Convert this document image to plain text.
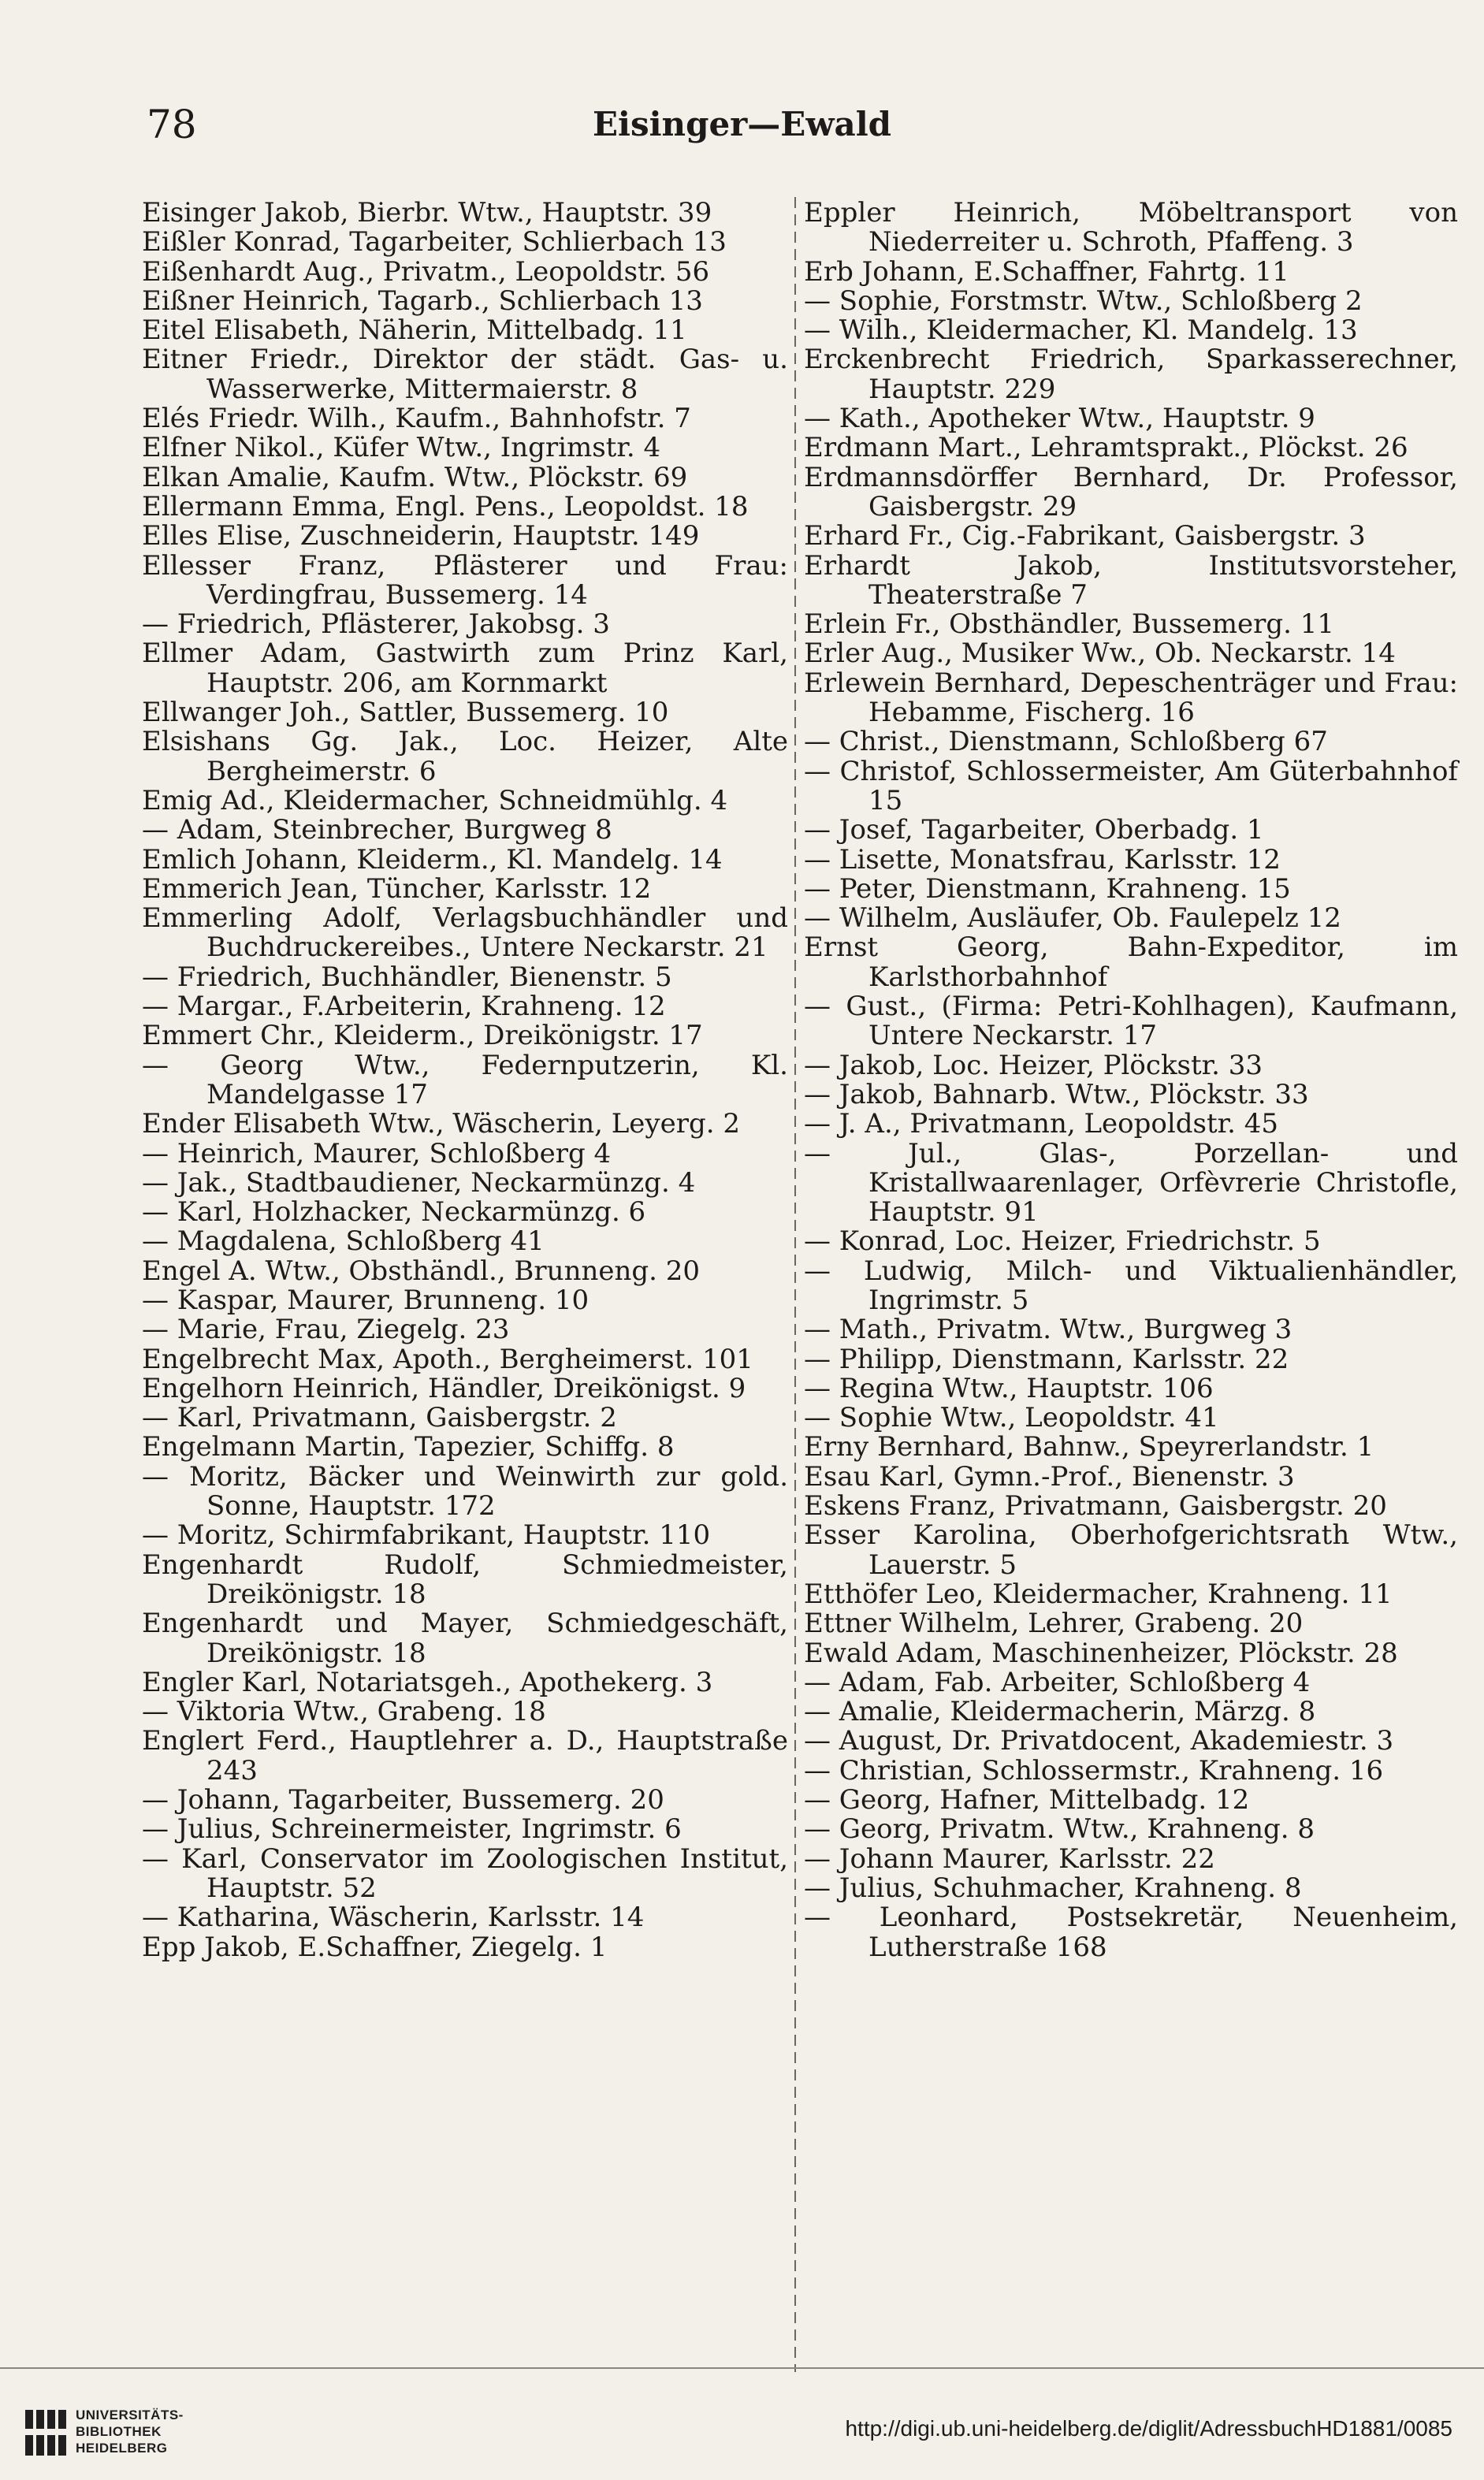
78	Eisinger—Ewald
Eisinger Jakob, Bierbr. Wtw., Hauptstr. 39
Eißler Konrad, Tagarbeiter, Schlierbach 13
Eißenhardt Aug., Privatm., Leopoldstr. 56
Eißner Heinrich, Tagarb., Schlierbach 13
Eitel Elisabeth, Näherin, Mittelbadg. 11
Eitner Friedr., Direktor der städt. Gas- u. Wasserwerke, Mittermaierstr. 8
Elés Friedr. Wilh., Kaufm., Bahnhofstr. 7
Elfner Nikol., Küfer Wtw., Ingrimstr. 4
Elkan Amalie, Kaufm. Wtw., Plöckstr. 69
Ellermann Emma, Engl. Pens., Leopoldst. 18
Elles Elise, Zuschneiderin, Hauptstr. 149
Ellesser Franz, Pflästerer und Frau: Verdingfrau, Bussemerg. 14
— Friedrich, Pflästerer, Jakobsg. 3
Ellmer Adam, Gastwirth zum Prinz Karl, Hauptstr. 206, am Kornmarkt
Ellwanger Joh., Sattler, Bussemerg. 10
Elsishans Gg. Jak., Loc. Heizer, Alte Bergheimerstr. 6
Emig Ad., Kleidermacher, Schneidmühlg. 4
— Adam, Steinbrecher, Burgweg 8
Emlich Johann, Kleiderm., Kl. Mandelg. 14
Emmerich Jean, Tüncher, Karlsstr. 12
Emmerling Adolf, Verlagsbuchhändler und Buchdruckereibes., Untere Neckarstr. 21
— Friedrich, Buchhändler, Bienenstr. 5
— Margar., F.Arbeiterin, Krahneng. 12
Emmert Chr., Kleiderm., Dreikönigstr. 17
— Georg Wtw., Federnputzerin, Kl. Mandelgasse 17
Ender Elisabeth Wtw., Wäscherin, Leyerg. 2
— Heinrich, Maurer, Schloßberg 4
— Jak., Stadtbaudiener, Neckarmünzg. 4
— Karl, Holzhacker, Neckarmünzg. 6
— Magdalena, Schloßberg 41
Engel A. Wtw., Obsthändl., Brunneng. 20
— Kaspar, Maurer, Brunneng. 10
— Marie, Frau, Ziegelg. 23
Engelbrecht Max, Apoth., Bergheimerst. 101
Engelhorn Heinrich, Händler, Dreikönigst. 9
— Karl, Privatmann, Gaisbergstr. 2
Engelmann Martin, Tapezier, Schiffg. 8
— Moritz, Bäcker und Weinwirth zur gold. Sonne, Hauptstr. 172
— Moritz, Schirmfabrikant, Hauptstr. 110
Engenhardt Rudolf, Schmiedmeister, Dreikönigstr. 18
Engenhardt und Mayer, Schmiedgeschäft, Dreikönigstr. 18
Engler Karl, Notariatsgeh., Apothekerg. 3
— Viktoria Wtw., Grabeng. 18
Englert Ferd., Hauptlehrer a. D., Hauptstraße 243
— Johann, Tagarbeiter, Bussemerg. 20
— Julius, Schreinermeister, Ingrimstr. 6
— Karl, Conservator im Zoologischen Institut, Hauptstr. 52
— Katharina, Wäscherin, Karlsstr. 14
Epp Jakob, E.Schaffner, Ziegelg. 1
Eppler Heinrich, Möbeltransport von Niederreiter u. Schroth, Pfaffeng. 3
Erb Johann, E.Schaffner, Fahrtg. 11
— Sophie, Forstmstr. Wtw., Schloßberg 2
— Wilh., Kleidermacher, Kl. Mandelg. 13
Erckenbrecht Friedrich, Sparkasserechner, Hauptstr. 229
— Kath., Apotheker Wtw., Hauptstr. 9
Erdmann Mart., Lehramtsprakt., Plöckst. 26
Erdmannsdörffer Bernhard, Dr. Professor, Gaisbergstr. 29
Erhard Fr., Cig.-Fabrikant, Gaisbergstr. 3
Erhardt Jakob, Institutsvorsteher, Theaterstraße 7
Erlein Fr., Obsthändler, Bussemerg. 11
Erler Aug., Musiker Ww., Ob. Neckarstr. 14
Erlewein Bernhard, Depeschenträger und Frau: Hebamme, Fischerg. 16
— Christ., Dienstmann, Schloßberg 67
— Christof, Schlossermeister, Am Güterbahnhof 15
— Josef, Tagarbeiter, Oberbadg. 1
— Lisette, Monatsfrau, Karlsstr. 12
— Peter, Dienstmann, Krahneng. 15
— Wilhelm, Ausläufer, Ob. Faulepelz 12
Ernst Georg, Bahn-Expeditor, im Karlsthorbahnhof
— Gust., (Firma: Petri-Kohlhagen), Kaufmann, Untere Neckarstr. 17
— Jakob, Loc. Heizer, Plöckstr. 33
— Jakob, Bahnarb. Wtw., Plöckstr. 33
— J. A., Privatmann, Leopoldstr. 45
— Jul., Glas-, Porzellan- und Kristallwaarenlager, Orfèvrerie Christofle, Hauptstr. 91
— Konrad, Loc. Heizer, Friedrichstr. 5
— Ludwig, Milch- und Viktualienhändler, Ingrimstr. 5
— Math., Privatm. Wtw., Burgweg 3
— Philipp, Dienstmann, Karlsstr. 22
— Regina Wtw., Hauptstr. 106
— Sophie Wtw., Leopoldstr. 41
Erny Bernhard, Bahnw., Speyrerlandstr. 1
Esau Karl, Gymn.-Prof., Bienenstr. 3
Eskens Franz, Privatmann, Gaisbergstr. 20
Esser Karolina, Oberhofgerichtsrath Wtw., Lauerstr. 5
Etthöfer Leo, Kleidermacher, Krahneng. 11
Ettner Wilhelm, Lehrer, Grabeng. 20
Ewald Adam, Maschinenheizer, Plöckstr. 28
— Adam, Fab. Arbeiter, Schloßberg 4
— Amalie, Kleidermacherin, Märzg. 8
— August, Dr. Privatdocent, Akademiestr. 3
— Christian, Schlossermstr., Krahneng. 16
— Georg, Hafner, Mittelbadg. 12
— Georg, Privatm. Wtw., Krahneng. 8
— Johann Maurer, Karlsstr. 22
— Julius, Schuhmacher, Krahneng. 8
— Leonhard, Postsekretär, Neuenheim, Lutherstraße 168
UNIVERSITÄTS-
BIBLIOTHEK
HEIDELBERG
http://digi.ub.uni-heidelberg.de/diglit/AdressbuchHD1881/0085
